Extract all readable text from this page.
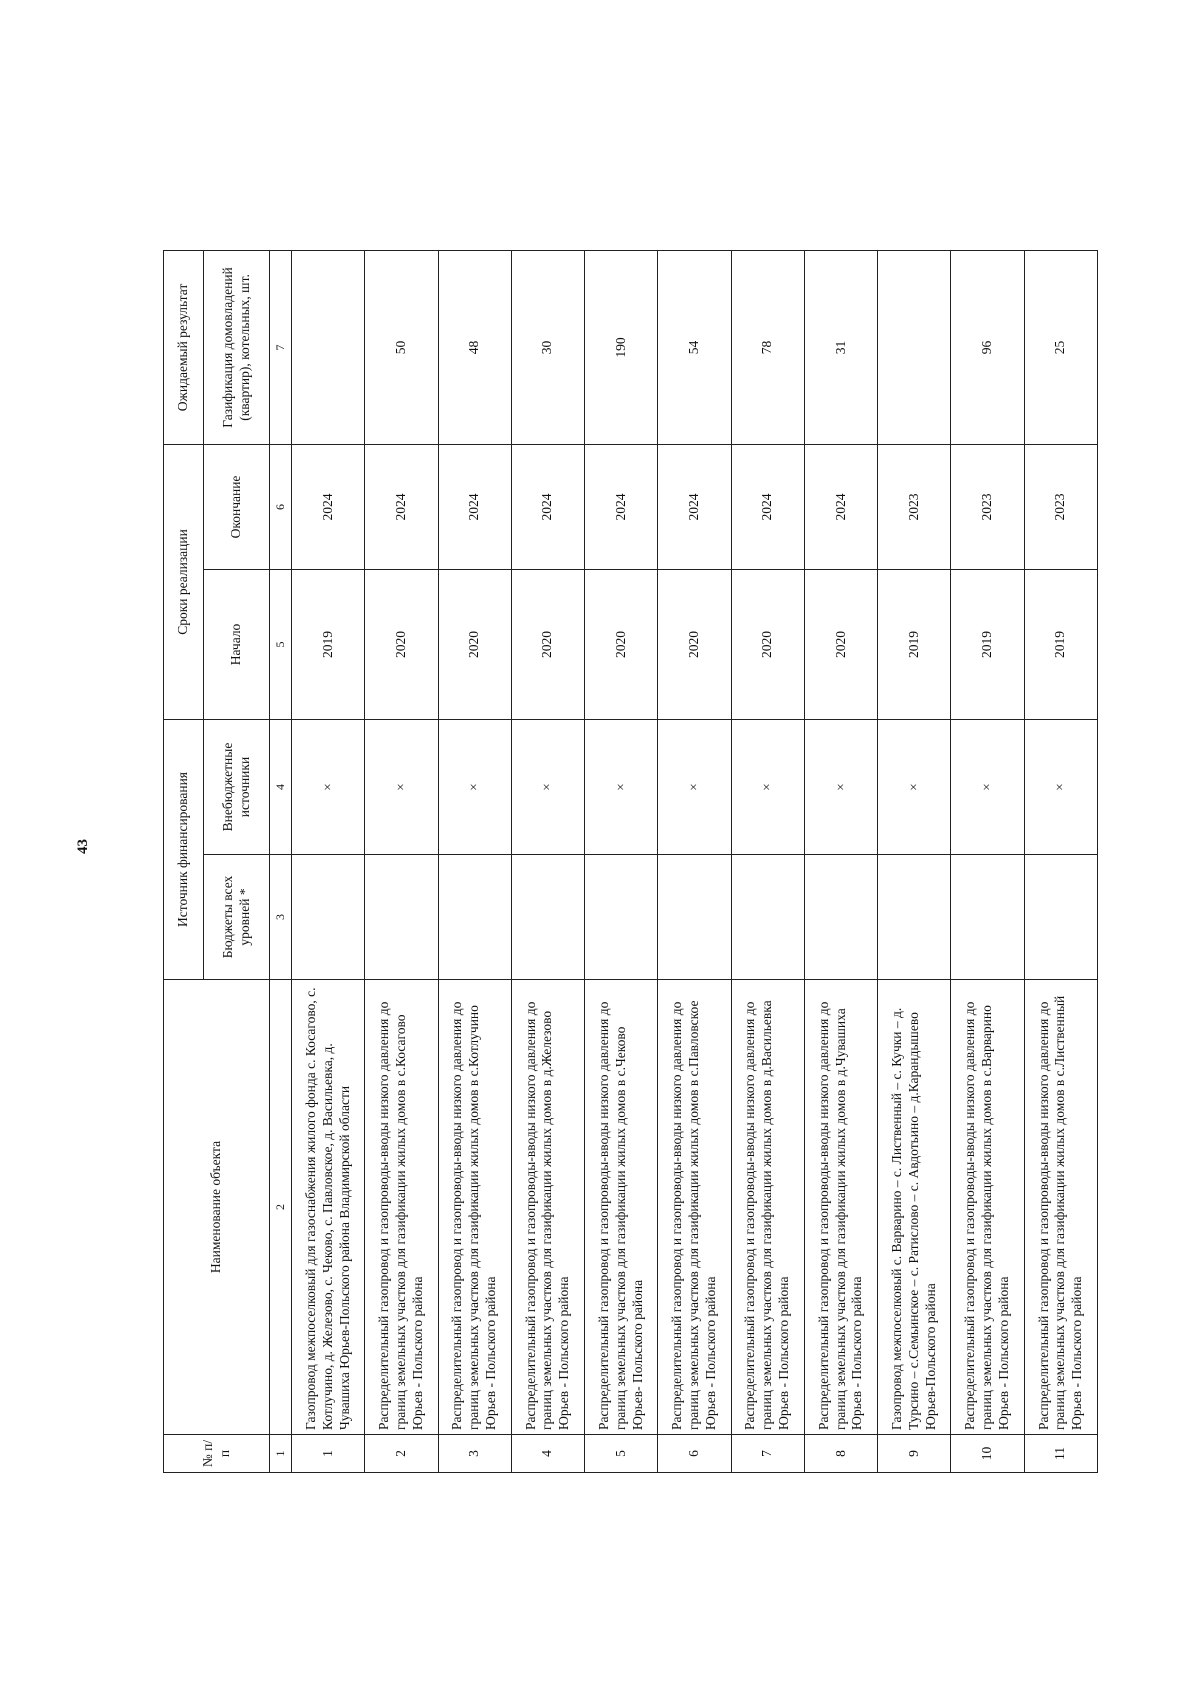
43
№ п/п	Наименование объекта	Источник финансирования		Сроки реализации		Ожидаемый результат
		Бюджеты всех уровней *	Внебюджетные источники	Начало	Окончание	Газификация домовладений (квартир), котельных, шт.
1	2	3	4	5	6	7
1	Газопровод межпоселковый для газоснабжения жилого фонда с. Косагово, с. Котлучино, д. Железово, с. Чеково, с. Павловское, д. Васильевка, д. Чувашиха Юрьев-Польского района Владимирской области		×	2019	2024	
2	Распределительный газопровод и газопроводы-вводы низкого давления до границ земельных участков для газификации жилых домов в с.Косагово Юрьев - Польского района		×	2020	2024	50
3	Распределительный газопровод и газопроводы-вводы низкого давления до границ земельных участков для газификации жилых домов в с.Котлучино Юрьев - Польского района		×	2020	2024	48
4	Распределительный газопровод и газопроводы-вводы низкого давления до границ земельных участков для газификации жилых домов в д.Железово Юрьев - Польского района		×	2020	2024	30
5	Распределительный газопровод и газопроводы-вводы низкого давления до границ земельных участков для газификации жилых домов в с.Чеково Юрьев- Польского района		×	2020	2024	190
6	Распределительный газопровод и газопроводы-вводы низкого давления до границ земельных участков для газификации жилых домов в с.Павловское Юрьев - Польского района		×	2020	2024	54
7	Распределительный газопровод и газопроводы-вводы низкого давления до границ земельных участков для газификации жилых домов в д.Васильевка Юрьев - Польского района		×	2020	2024	78
8	Распределительный газопровод и газопроводы-вводы низкого давления до границ земельных участков для газификации жилых домов в д.Чувашиха Юрьев - Польского района		×	2020	2024	31
9	Газопровод межпоселковый с. Варварино – с. Лиственный – с. Кучки – д. Турсино – с.Семьинское – с. Ратислово – с. Авдотьино – д.Карандышево Юрьев-Польского района		×	2019	2023	
10	Распределительный газопровод и газопроводы-вводы низкого давления до границ земельных участков для газификации жилых домов в с.Варварино Юрьев - Польского района		×	2019	2023	96
11	Распределительный газопровод и газопроводы-вводы низкого давления до границ земельных участков для газификации жилых домов в с.Лиственный Юрьев - Польского района		×	2019	2023	25
